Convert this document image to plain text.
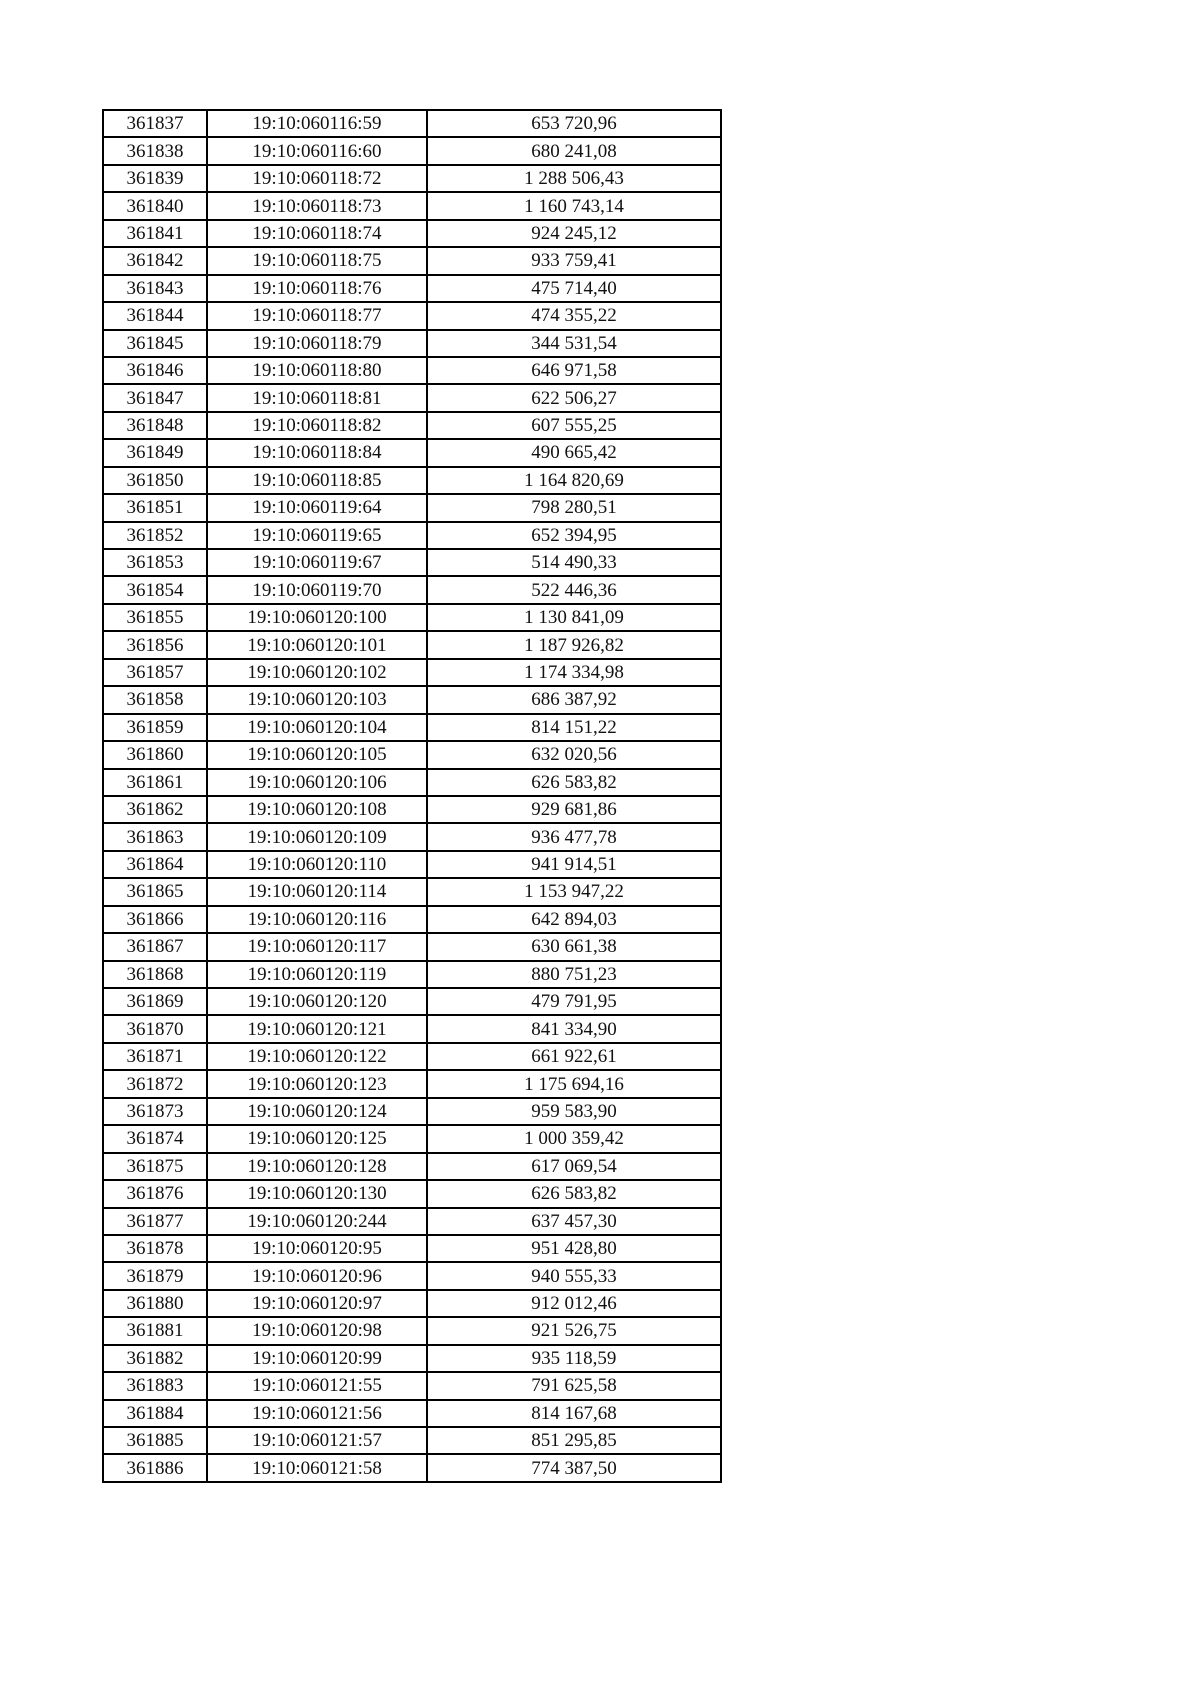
361837	19:10:060116:59	653 720,96
361838	19:10:060116:60	680 241,08
361839	19:10:060118:72	1 288 506,43
361840	19:10:060118:73	1 160 743,14
361841	19:10:060118:74	924 245,12
361842	19:10:060118:75	933 759,41
361843	19:10:060118:76	475 714,40
361844	19:10:060118:77	474 355,22
361845	19:10:060118:79	344 531,54
361846	19:10:060118:80	646 971,58
361847	19:10:060118:81	622 506,27
361848	19:10:060118:82	607 555,25
361849	19:10:060118:84	490 665,42
361850	19:10:060118:85	1 164 820,69
361851	19:10:060119:64	798 280,51
361852	19:10:060119:65	652 394,95
361853	19:10:060119:67	514 490,33
361854	19:10:060119:70	522 446,36
361855	19:10:060120:100	1 130 841,09
361856	19:10:060120:101	1 187 926,82
361857	19:10:060120:102	1 174 334,98
361858	19:10:060120:103	686 387,92
361859	19:10:060120:104	814 151,22
361860	19:10:060120:105	632 020,56
361861	19:10:060120:106	626 583,82
361862	19:10:060120:108	929 681,86
361863	19:10:060120:109	936 477,78
361864	19:10:060120:110	941 914,51
361865	19:10:060120:114	1 153 947,22
361866	19:10:060120:116	642 894,03
361867	19:10:060120:117	630 661,38
361868	19:10:060120:119	880 751,23
361869	19:10:060120:120	479 791,95
361870	19:10:060120:121	841 334,90
361871	19:10:060120:122	661 922,61
361872	19:10:060120:123	1 175 694,16
361873	19:10:060120:124	959 583,90
361874	19:10:060120:125	1 000 359,42
361875	19:10:060120:128	617 069,54
361876	19:10:060120:130	626 583,82
361877	19:10:060120:244	637 457,30
361878	19:10:060120:95	951 428,80
361879	19:10:060120:96	940 555,33
361880	19:10:060120:97	912 012,46
361881	19:10:060120:98	921 526,75
361882	19:10:060120:99	935 118,59
361883	19:10:060121:55	791 625,58
361884	19:10:060121:56	814 167,68
361885	19:10:060121:57	851 295,85
361886	19:10:060121:58	774 387,50
